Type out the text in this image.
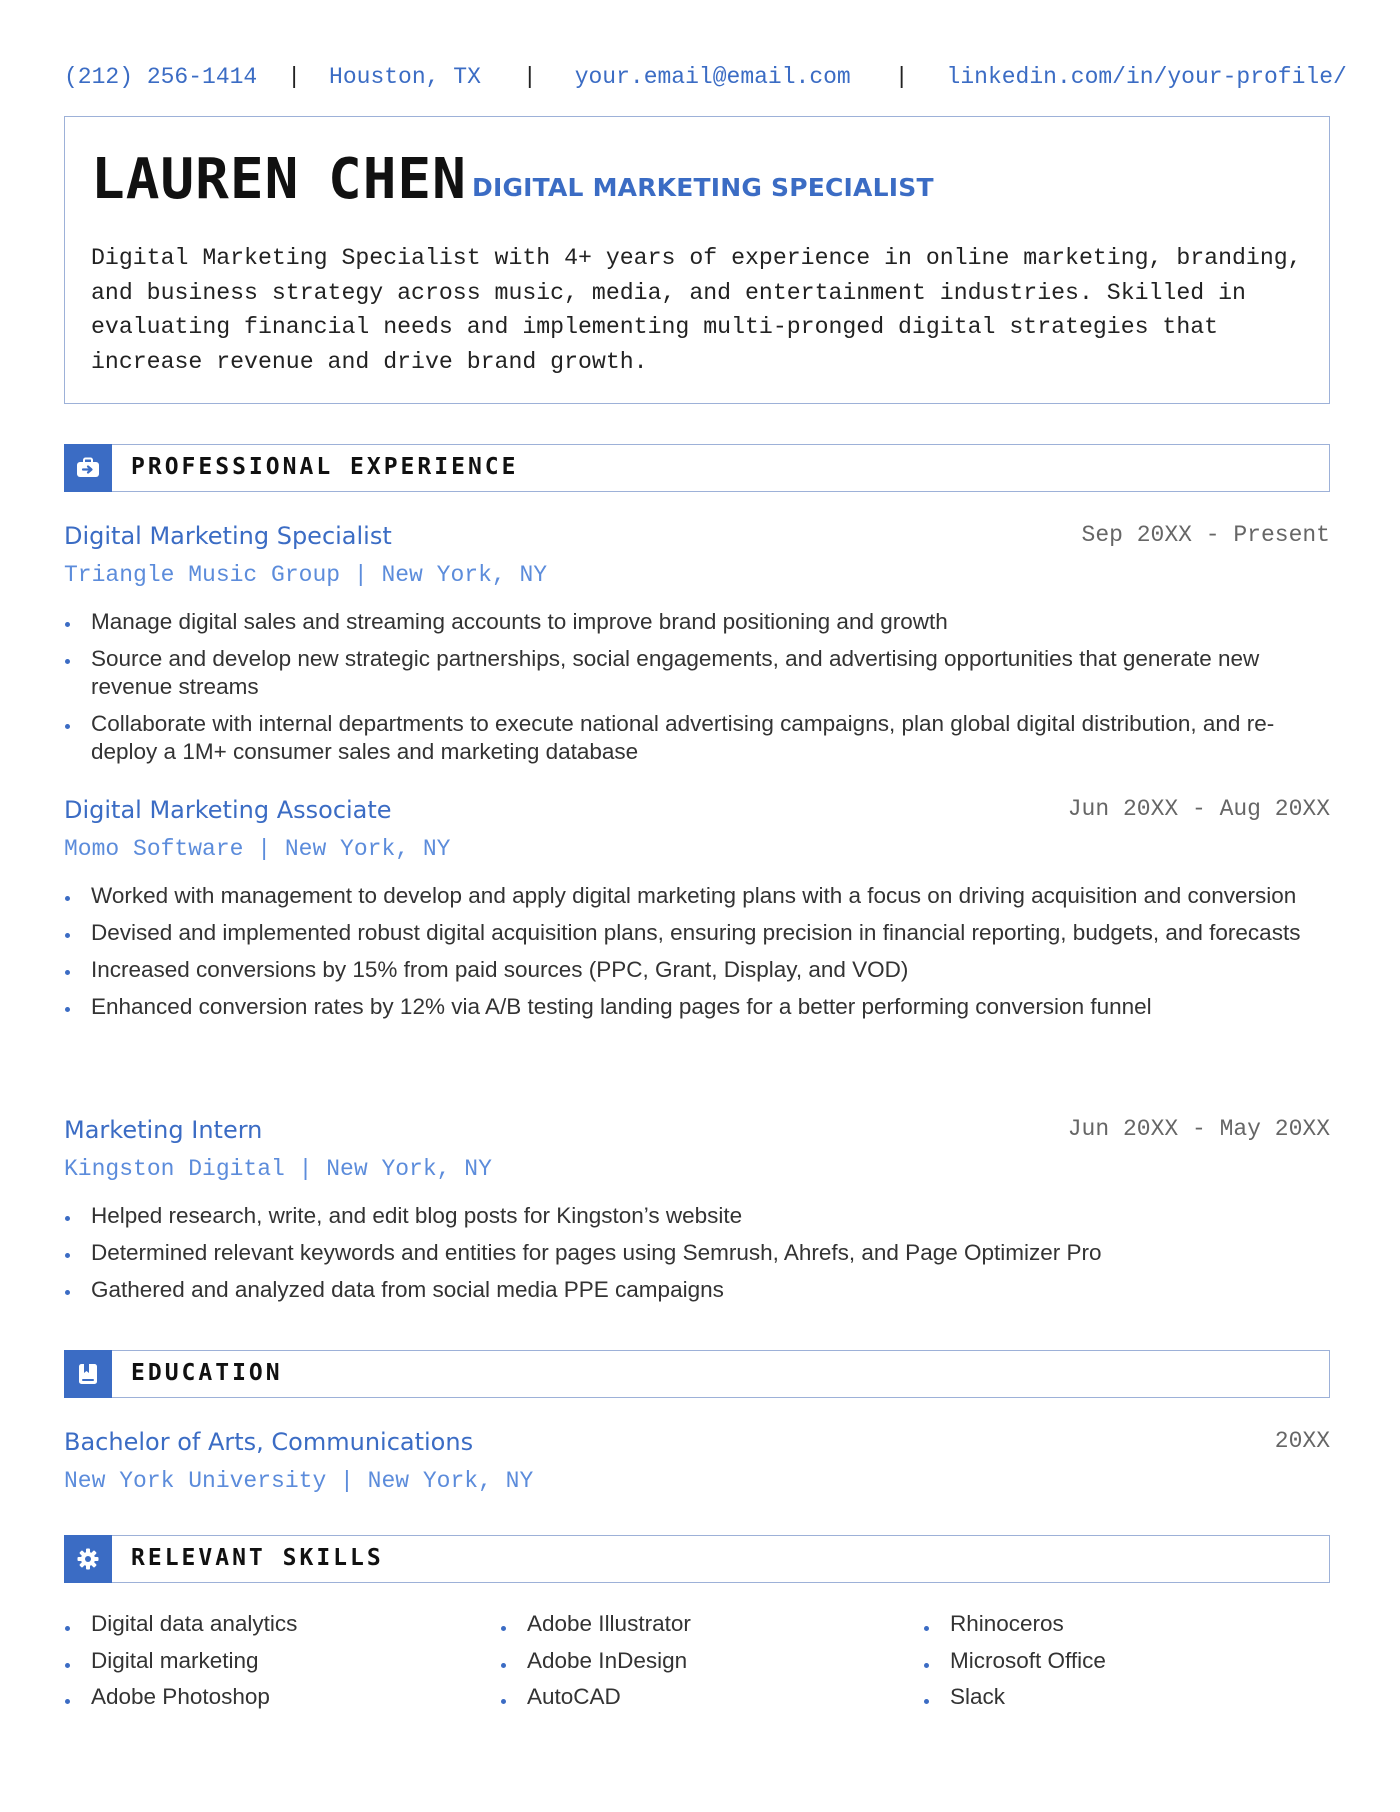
(212) 256-1414 | Houston, TX | your.email@email.com | linkedin.com/in/your-profile/
LAUREN CHEN DIGITAL MARKETING SPECIALIST

Digital Marketing Specialist with 4+ years of experience in online marketing, branding, and business strategy across music, media, and entertainment industries. Skilled in evaluating financial needs and implementing multi-pronged digital strategies that increase revenue and drive brand growth.

PROFESSIONAL EXPERIENCE
Digital Marketing Specialist	Sep 20XX - Present
Triangle Music Group | New York, NY
Manage digital sales and streaming accounts to improve brand positioning and growth
Source and develop new strategic partnerships, social engagements, and advertising opportunities that generate new revenue streams
Collaborate with internal departments to execute national advertising campaigns, plan global digital distribution, and re-deploy a 1M+ consumer sales and marketing database
Digital Marketing Associate	Jun 20XX - Aug 20XX
Momo Software | New York, NY
Worked with management to develop and apply digital marketing plans with a focus on driving acquisition and conversion
Devised and implemented robust digital acquisition plans, ensuring precision in financial reporting, budgets, and forecasts
Increased conversions by 15% from paid sources (PPC, Grant, Display, and VOD)
Enhanced conversion rates by 12% via A/B testing landing pages for a better performing conversion funnel
Marketing Intern	Jun 20XX - May 20XX
Kingston Digital | New York, NY
Helped research, write, and edit blog posts for Kingston’s website
Determined relevant keywords and entities for pages using Semrush, Ahrefs, and Page Optimizer Pro
Gathered and analyzed data from social media PPE campaigns
EDUCATION
Bachelor of Arts, Communications	20XX
New York University | New York, NY
RELEVANT SKILLS
Digital data analytics
Digital marketing
Adobe Photoshop
Adobe Illustrator
Adobe InDesign
AutoCAD
Rhinoceros
Microsoft Office
Slack
